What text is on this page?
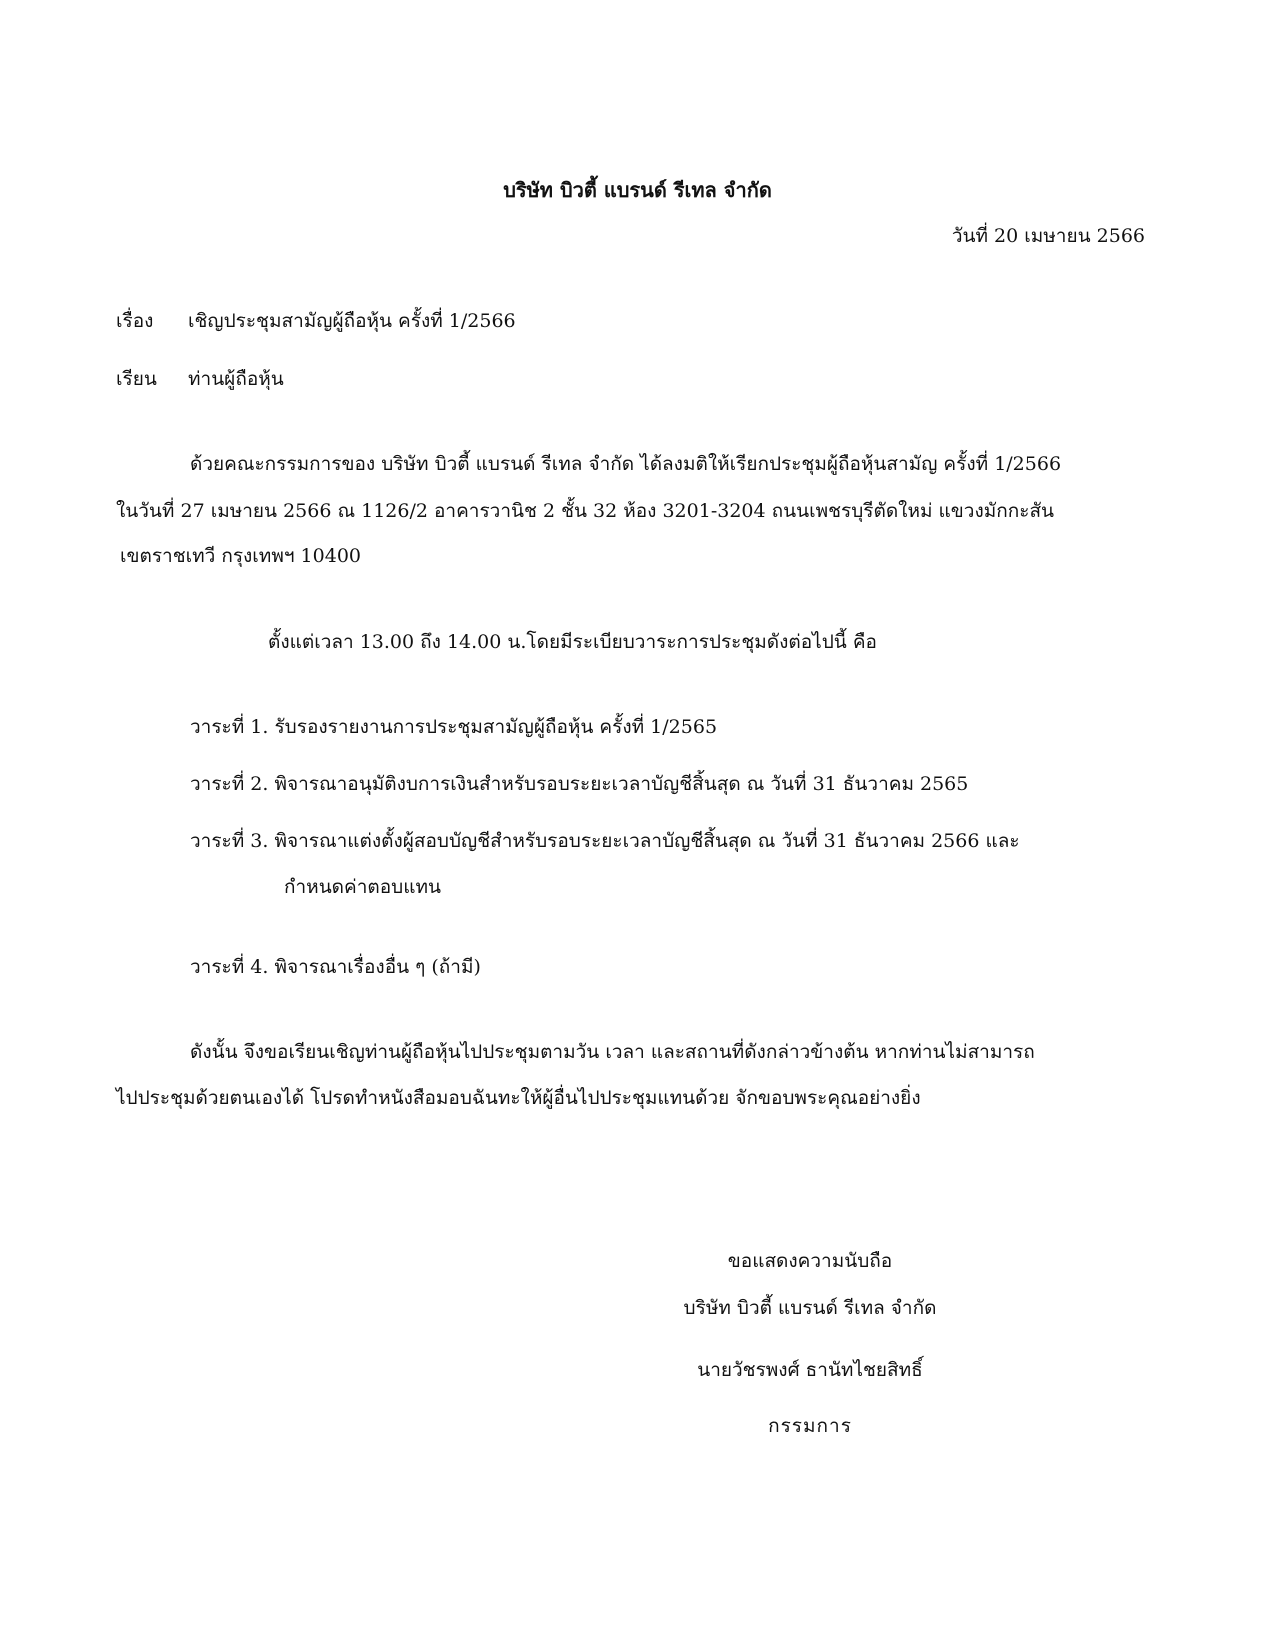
บริษัท บิวตี้ แบรนด์ รีเทล จำกัด
วันที่ 20 เมษายน 2566
เรื่อง เชิญประชุมสามัญผู้ถือหุ้น ครั้งที่ 1/2566
เรียน ท่านผู้ถือหุ้น
ด้วยคณะกรรมการของ บริษัท บิวตี้ แบรนด์ รีเทล จำกัด ได้ลงมติให้เรียกประชุมผู้ถือหุ้นสามัญ ครั้งที่ 1/2566
ในวันที่ 27 เมษายน 2566 ณ 1126/2 อาคารวานิช 2 ชั้น 32 ห้อง 3201-3204 ถนนเพชรบุรีตัดใหม่ แขวงมักกะสัน
เขตราชเทวี กรุงเทพฯ 10400
ตั้งแต่เวลา 13.00 ถึง 14.00 น.โดยมีระเบียบวาระการประชุมดังต่อไปนี้ คือ
วาระที่ 1. รับรองรายงานการประชุมสามัญผู้ถือหุ้น ครั้งที่ 1/2565
วาระที่ 2. พิจารณาอนุมัติงบการเงินสำหรับรอบระยะเวลาบัญชีสิ้นสุด ณ วันที่ 31 ธันวาคม 2565
วาระที่ 3. พิจารณาแต่งตั้งผู้สอบบัญชีสำหรับรอบระยะเวลาบัญชีสิ้นสุด ณ วันที่ 31 ธันวาคม 2566 และ
กำหนดค่าตอบแทน
วาระที่ 4. พิจารณาเรื่องอื่น ๆ (ถ้ามี)
ดังนั้น จึงขอเรียนเชิญท่านผู้ถือหุ้นไปประชุมตามวัน เวลา และสถานที่ดังกล่าวข้างต้น หากท่านไม่สามารถ
ไปประชุมด้วยตนเองได้ โปรดทำหนังสือมอบฉันทะให้ผู้อื่นไปประชุมแทนด้วย จักขอบพระคุณอย่างยิ่ง
ขอแสดงความนับถือ
บริษัท บิวตี้ แบรนด์ รีเทล จำกัด
นายวัชรพงศ์ ธานัทไชยสิทธิ์
กรรมการ
